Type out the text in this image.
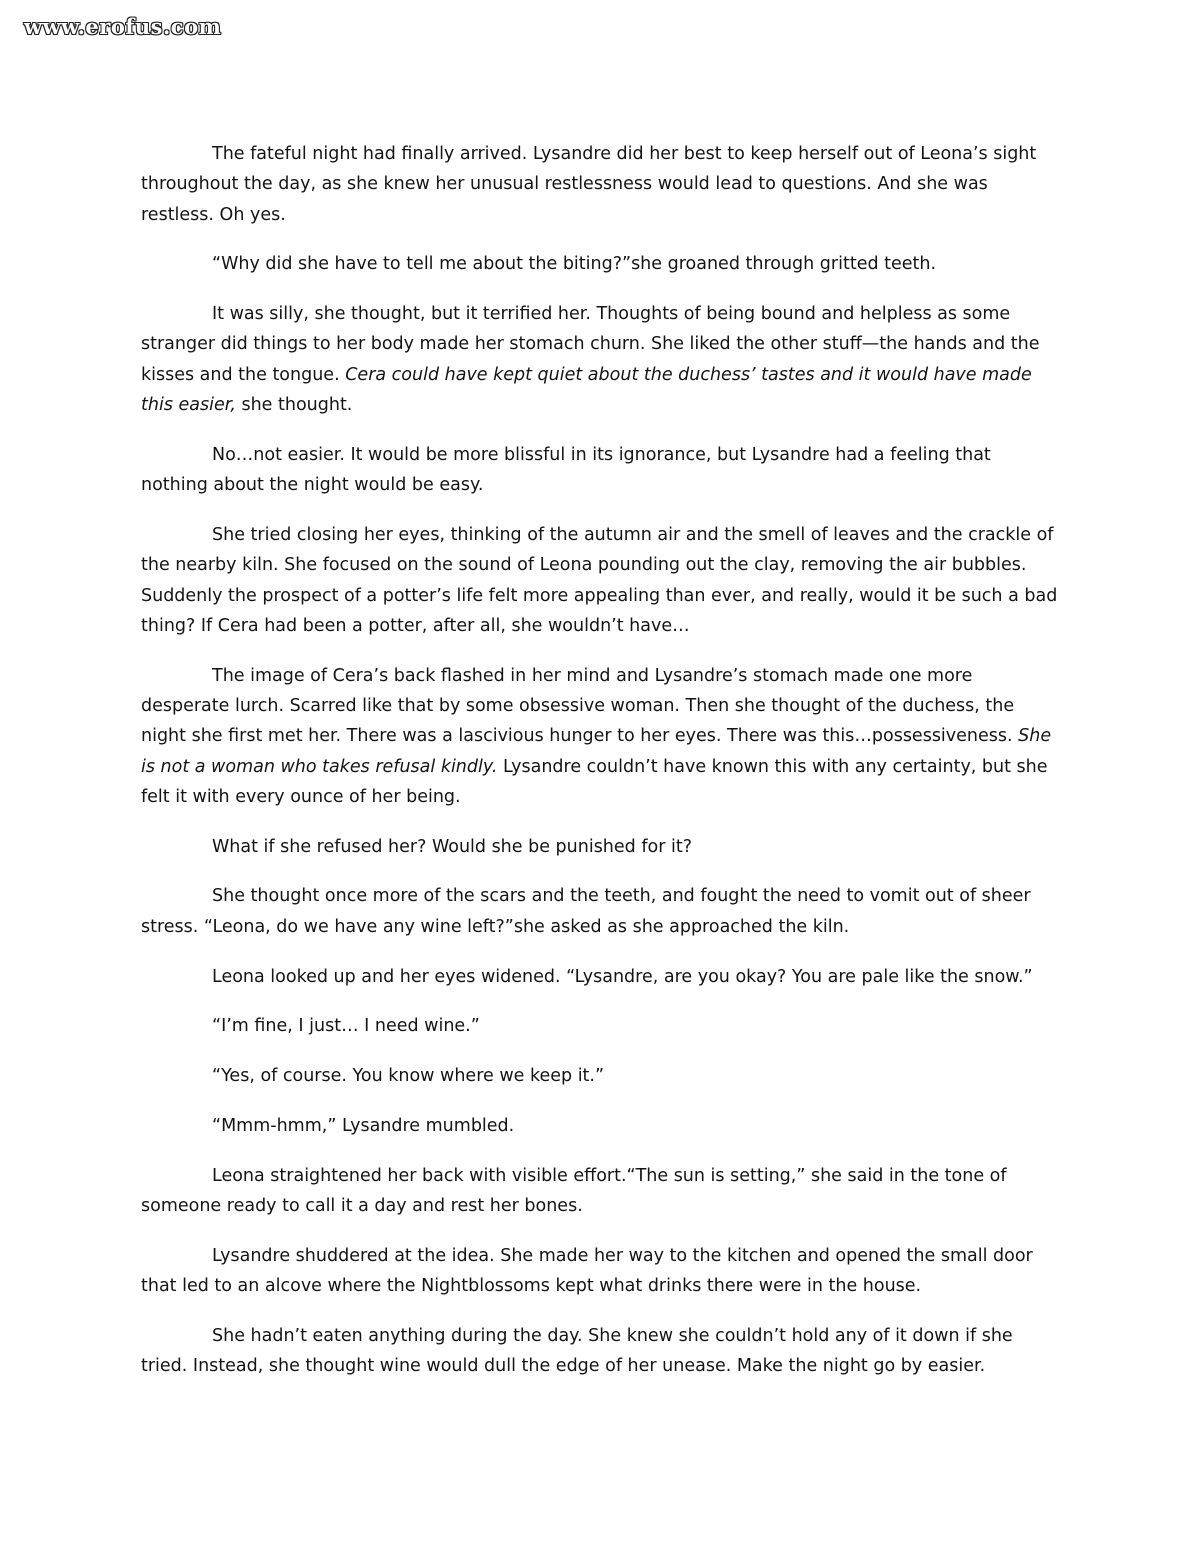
www.erofus.com

The fateful night had finally arrived. Lysandre did her best to keep herself out of Leona’s sight throughout the day, as she knew her unusual restlessness would lead to questions. And she was restless. Oh yes.

“Why did she have to tell me about the biting?”she groaned through gritted teeth.

It was silly, she thought, but it terrified her. Thoughts of being bound and helpless as some stranger did things to her body made her stomach churn. She liked the other stuff—the hands and the kisses and the tongue. Cera could have kept quiet about the duchess’ tastes and it would have made this easier, she thought.

No…not easier. It would be more blissful in its ignorance, but Lysandre had a feeling that nothing about the night would be easy.

She tried closing her eyes, thinking of the autumn air and the smell of leaves and the crackle of the nearby kiln. She focused on the sound of Leona pounding out the clay, removing the air bubbles. Suddenly the prospect of a potter’s life felt more appealing than ever, and really, would it be such a bad thing? If Cera had been a potter, after all, she wouldn’t have…

The image of Cera’s back flashed in her mind and Lysandre’s stomach made one more desperate lurch. Scarred like that by some obsessive woman. Then she thought of the duchess, the night she first met her. There was a lascivious hunger to her eyes. There was this…possessiveness. She is not a woman who takes refusal kindly. Lysandre couldn’t have known this with any certainty, but she felt it with every ounce of her being.

What if she refused her? Would she be punished for it?

She thought once more of the scars and the teeth, and fought the need to vomit out of sheer stress. “Leona, do we have any wine left?”she asked as she approached the kiln.

Leona looked up and her eyes widened. “Lysandre, are you okay? You are pale like the snow.”

“I’m fine, I just… I need wine.”

“Yes, of course. You know where we keep it.”

“Mmm-hmm,” Lysandre mumbled.

Leona straightened her back with visible effort.“The sun is setting,” she said in the tone of someone ready to call it a day and rest her bones.

Lysandre shuddered at the idea. She made her way to the kitchen and opened the small door that led to an alcove where the Nightblossoms kept what drinks there were in the house.

She hadn’t eaten anything during the day. She knew she couldn’t hold any of it down if she tried. Instead, she thought wine would dull the edge of her unease. Make the night go by easier.
